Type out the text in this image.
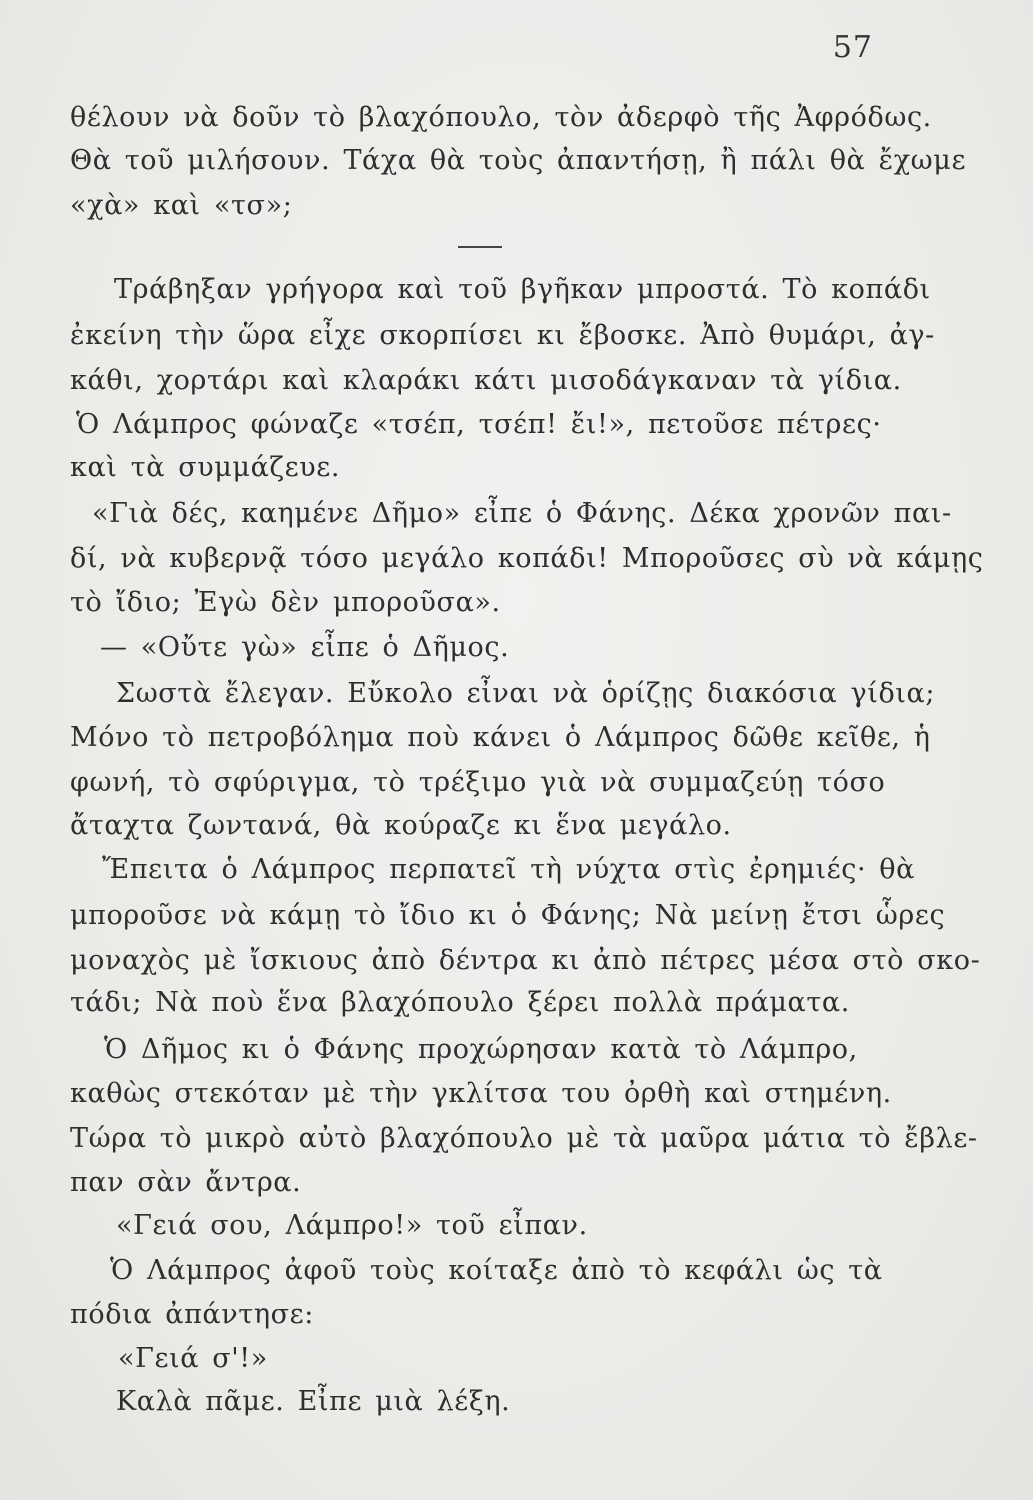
57
θέλουν νὰ δοῦν τὸ βλαχόπουλο, τὸν ἀδερφὸ τῆς Ἀφρόδως.
Θὰ τοῦ μιλήσουν. Τάχα θὰ τοὺς ἀπαντήσῃ, ἢ πάλι θὰ ἔχωμε
«χὰ» καὶ «τσ»;
Τράβηξαν γρήγορα καὶ τοῦ βγῆκαν μπροστά. Τὸ κοπάδι
ἐκείνη τὴν ὥρα εἶχε σκορπίσει κι ἔβοσκε. Ἀπὸ θυμάρι, ἀγ-
κάθι, χορτάρι καὶ κλαράκι κάτι μισοδάγκαναν τὰ γίδια.
Ὁ Λάμπρος φώναζε «τσέπ, τσέπ! ἔι!», πετοῦσε πέτρες·
καὶ τὰ συμμάζευε.
«Γιὰ δές, καημένε Δῆμο» εἶπε ὁ Φάνης. Δέκα χρονῶν παι-
δί, νὰ κυβερνᾷ τόσο μεγάλο κοπάδι! Μποροῦσες σὺ νὰ κάμῃς
τὸ ἴδιο; Ἐγὼ δὲν μποροῦσα».
— «Οὔτε γὼ» εἶπε ὁ Δῆμος.
Σωστὰ ἔλεγαν. Εὔκολο εἶναι νὰ ὁρίζῃς διακόσια γίδια;
Μόνο τὸ πετροβόλημα ποὺ κάνει ὁ Λάμπρος δῶθε κεῖθε, ἡ
φωνή, τὸ σφύριγμα, τὸ τρέξιμο γιὰ νὰ συμμαζεύῃ τόσο
ἄταχτα ζωντανά, θὰ κούραζε κι ἕνα μεγάλο.
Ἔπειτα ὁ Λάμπρος περπατεῖ τὴ νύχτα στὶς ἐρημιές· θὰ
μποροῦσε νὰ κάμῃ τὸ ἴδιο κι ὁ Φάνης; Νὰ μείνῃ ἔτσι ὧρες
μοναχὸς μὲ ἴσκιους ἀπὸ δέντρα κι ἀπὸ πέτρες μέσα στὸ σκο-
τάδι; Νὰ ποὺ ἕνα βλαχόπουλο ξέρει πολλὰ πράματα.
Ὁ Δῆμος κι ὁ Φάνης προχώρησαν κατὰ τὸ Λάμπρο,
καθὼς στεκόταν μὲ τὴν γκλίτσα του ὀρθὴ καὶ στημένη.
Τώρα τὸ μικρὸ αὐτὸ βλαχόπουλο μὲ τὰ μαῦρα μάτια τὸ ἔβλε-
παν σὰν ἄντρα.
«Γειά σου, Λάμπρο!» τοῦ εἶπαν.
Ὁ Λάμπρος ἀφοῦ τοὺς κοίταξε ἀπὸ τὸ κεφάλι ὡς τὰ
πόδια ἀπάντησε:
«Γειά σ'!»
Καλὰ πᾶμε. Εἶπε μιὰ λέξη.
